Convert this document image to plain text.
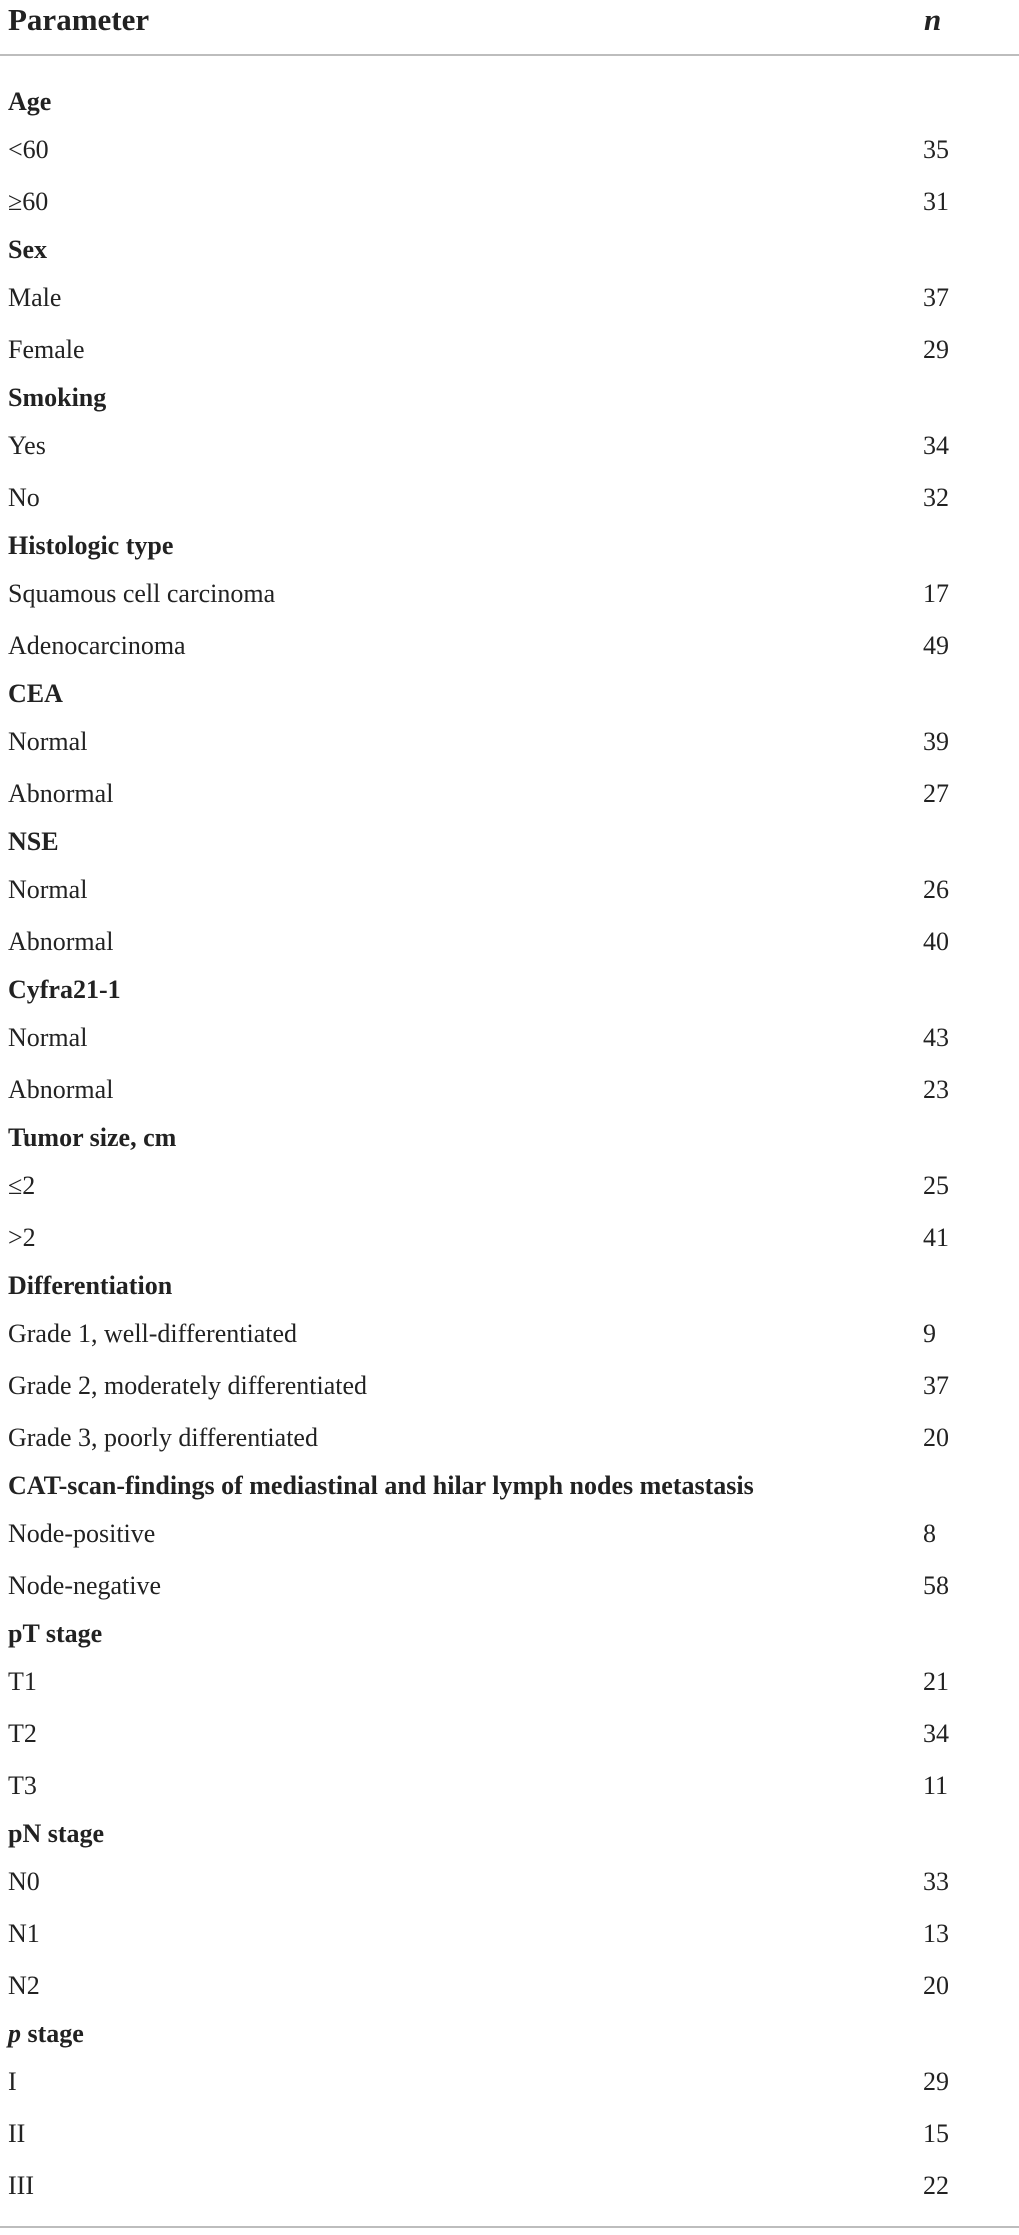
Parameter	n
Age
<60	35
≥60	31
Sex
Male	37
Female	29
Smoking
Yes	34
No	32
Histologic type
Squamous cell carcinoma	17
Adenocarcinoma	49
CEA
Normal	39
Abnormal	27
NSE
Normal	26
Abnormal	40
Cyfra21-1
Normal	43
Abnormal	23
Tumor size, cm
≤2	25
>2	41
Differentiation
Grade 1, well-differentiated	9
Grade 2, moderately differentiated	37
Grade 3, poorly differentiated	20
CAT-scan-findings of mediastinal and hilar lymph nodes metastasis
Node-positive	8
Node-negative	58
pT stage
T1	21
T2	34
T3	11
pN stage
N0	33
N1	13
N2	20
p stage
I	29
II	15
III	22
